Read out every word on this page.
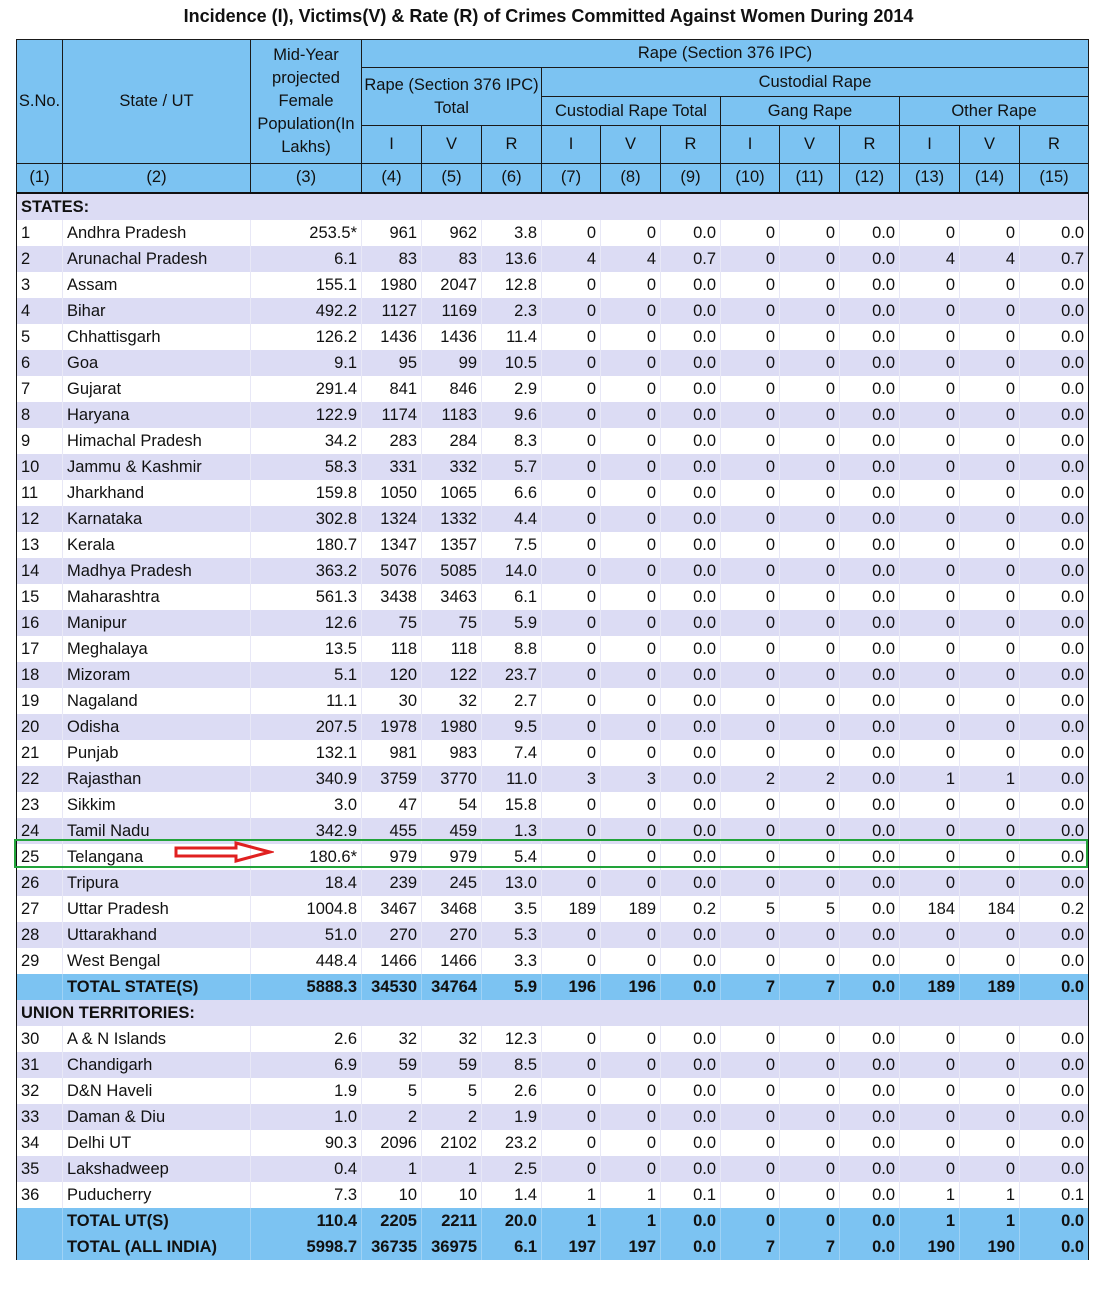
Incidence (I), Victims(V) & Rate (R) of Crimes Committed Against Women During 2014
S.No.	State / UT	Mid-Year projected Female Population(In Lakhs)	Rape (Section 376 IPC)											
			Rape (Section 376 IPC) Total			Custodial Rape								
						Custodial Rape Total			Gang Rape			Other Rape		
			I	V	R	I	V	R	I	V	R	I	V	R
(1)	(2)	(3)	(4)	(5)	(6)	(7)	(8)	(9)	(10)	(11)	(12)	(13)	(14)	(15)
STATES:														
1	Andhra Pradesh	253.5*	961	962	3.8	0	0	0.0	0	0	0.0	0	0	0.0
2	Arunachal Pradesh	6.1	83	83	13.6	4	4	0.7	0	0	0.0	4	4	0.7
3	Assam	155.1	1980	2047	12.8	0	0	0.0	0	0	0.0	0	0	0.0
4	Bihar	492.2	1127	1169	2.3	0	0	0.0	0	0	0.0	0	0	0.0
5	Chhattisgarh	126.2	1436	1436	11.4	0	0	0.0	0	0	0.0	0	0	0.0
6	Goa	9.1	95	99	10.5	0	0	0.0	0	0	0.0	0	0	0.0
7	Gujarat	291.4	841	846	2.9	0	0	0.0	0	0	0.0	0	0	0.0
8	Haryana	122.9	1174	1183	9.6	0	0	0.0	0	0	0.0	0	0	0.0
9	Himachal Pradesh	34.2	283	284	8.3	0	0	0.0	0	0	0.0	0	0	0.0
10	Jammu & Kashmir	58.3	331	332	5.7	0	0	0.0	0	0	0.0	0	0	0.0
11	Jharkhand	159.8	1050	1065	6.6	0	0	0.0	0	0	0.0	0	0	0.0
12	Karnataka	302.8	1324	1332	4.4	0	0	0.0	0	0	0.0	0	0	0.0
13	Kerala	180.7	1347	1357	7.5	0	0	0.0	0	0	0.0	0	0	0.0
14	Madhya Pradesh	363.2	5076	5085	14.0	0	0	0.0	0	0	0.0	0	0	0.0
15	Maharashtra	561.3	3438	3463	6.1	0	0	0.0	0	0	0.0	0	0	0.0
16	Manipur	12.6	75	75	5.9	0	0	0.0	0	0	0.0	0	0	0.0
17	Meghalaya	13.5	118	118	8.8	0	0	0.0	0	0	0.0	0	0	0.0
18	Mizoram	5.1	120	122	23.7	0	0	0.0	0	0	0.0	0	0	0.0
19	Nagaland	11.1	30	32	2.7	0	0	0.0	0	0	0.0	0	0	0.0
20	Odisha	207.5	1978	1980	9.5	0	0	0.0	0	0	0.0	0	0	0.0
21	Punjab	132.1	981	983	7.4	0	0	0.0	0	0	0.0	0	0	0.0
22	Rajasthan	340.9	3759	3770	11.0	3	3	0.0	2	2	0.0	1	1	0.0
23	Sikkim	3.0	47	54	15.8	0	0	0.0	0	0	0.0	0	0	0.0
24	Tamil Nadu	342.9	455	459	1.3	0	0	0.0	0	0	0.0	0	0	0.0
25	Telangana	180.6*	979	979	5.4	0	0	0.0	0	0	0.0	0	0	0.0
26	Tripura	18.4	239	245	13.0	0	0	0.0	0	0	0.0	0	0	0.0
27	Uttar Pradesh	1004.8	3467	3468	3.5	189	189	0.2	5	5	0.0	184	184	0.2
28	Uttarakhand	51.0	270	270	5.3	0	0	0.0	0	0	0.0	0	0	0.0
29	West Bengal	448.4	1466	1466	3.3	0	0	0.0	0	0	0.0	0	0	0.0
	TOTAL STATE(S)	5888.3	34530	34764	5.9	196	196	0.0	7	7	0.0	189	189	0.0
UNION TERRITORIES:														
30	A & N Islands	2.6	32	32	12.3	0	0	0.0	0	0	0.0	0	0	0.0
31	Chandigarh	6.9	59	59	8.5	0	0	0.0	0	0	0.0	0	0	0.0
32	D&N Haveli	1.9	5	5	2.6	0	0	0.0	0	0	0.0	0	0	0.0
33	Daman & Diu	1.0	2	2	1.9	0	0	0.0	0	0	0.0	0	0	0.0
34	Delhi UT	90.3	2096	2102	23.2	0	0	0.0	0	0	0.0	0	0	0.0
35	Lakshadweep	0.4	1	1	2.5	0	0	0.0	0	0	0.0	0	0	0.0
36	Puducherry	7.3	10	10	1.4	1	1	0.1	0	0	0.0	1	1	0.1
	TOTAL UT(S)	110.4	2205	2211	20.0	1	1	0.0	0	0	0.0	1	1	0.0
	TOTAL (ALL INDIA)	5998.7	36735	36975	6.1	197	197	0.0	7	7	0.0	190	190	0.0
